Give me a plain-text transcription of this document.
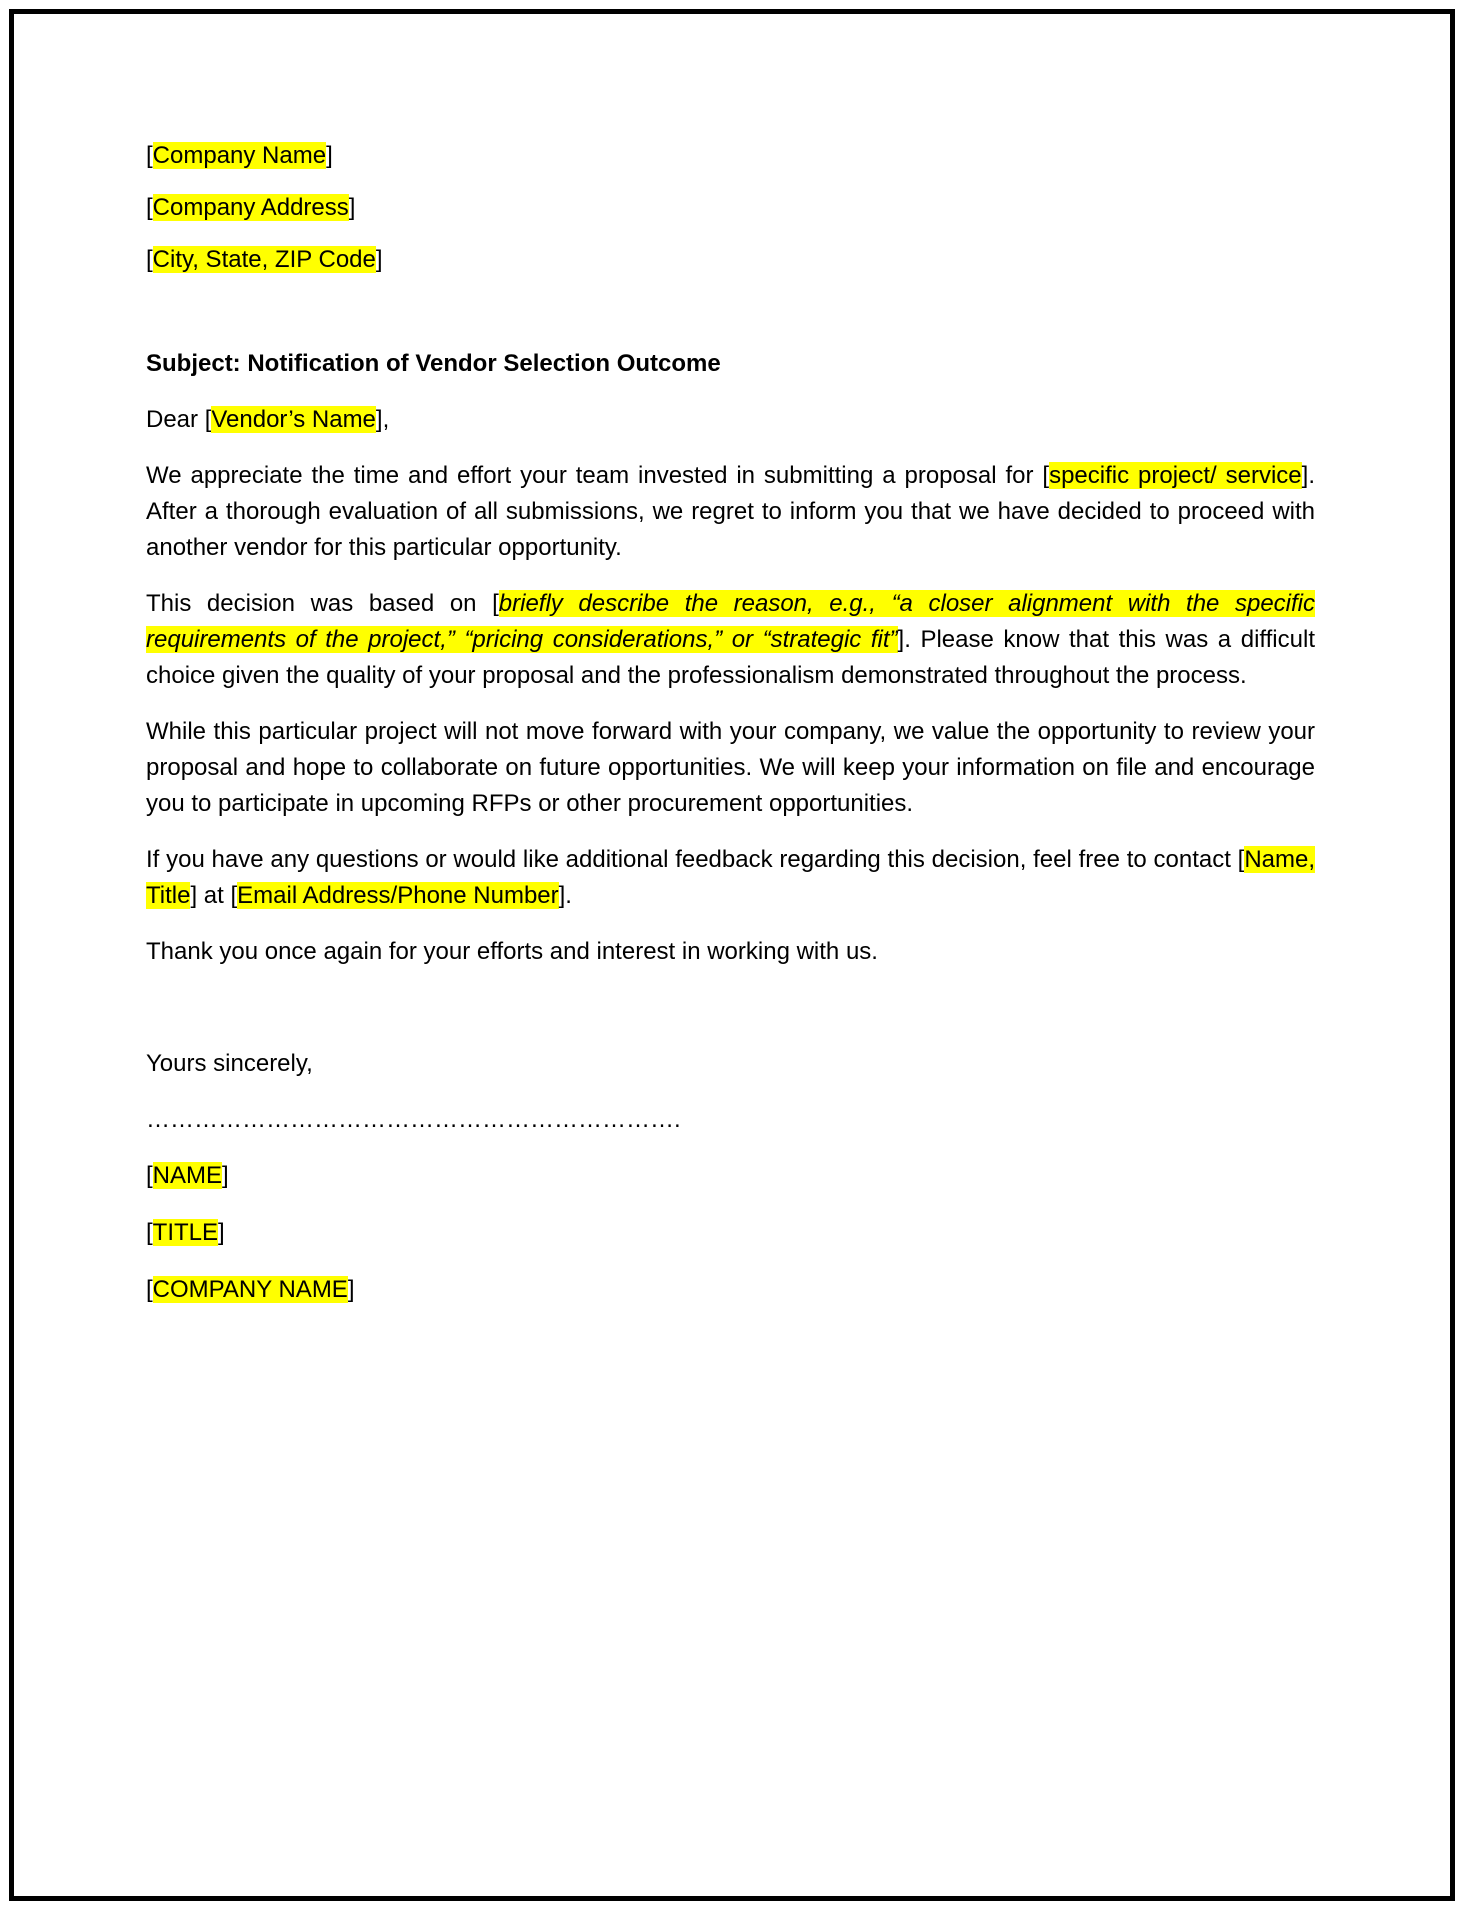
[Company Name]
[Company Address]
[City, State, ZIP Code]

Subject: Notification of Vendor Selection Outcome

Dear [Vendor’s Name],

We appreciate the time and effort your team invested in submitting a proposal for [specific project/ service]. After a thorough evaluation of all submissions, we regret to inform you that we have decided to proceed with another vendor for this particular opportunity.

This decision was based on [briefly describe the reason, e.g., “a closer alignment with the specific requirements of the project,” “pricing considerations,” or “strategic fit”]. Please know that this was a difficult choice given the quality of your proposal and the professionalism demonstrated throughout the process.

While this particular project will not move forward with your company, we value the opportunity to review your proposal and hope to collaborate on future opportunities. We will keep your information on file and encourage you to participate in upcoming RFPs or other procurement opportunities.

If you have any questions or would like additional feedback regarding this decision, feel free to contact [Name, Title] at [Email Address/Phone Number].

Thank you once again for your efforts and interest in working with us.

Yours sincerely,

………………………………………………………….

[NAME]
[TITLE]
[COMPANY NAME]
